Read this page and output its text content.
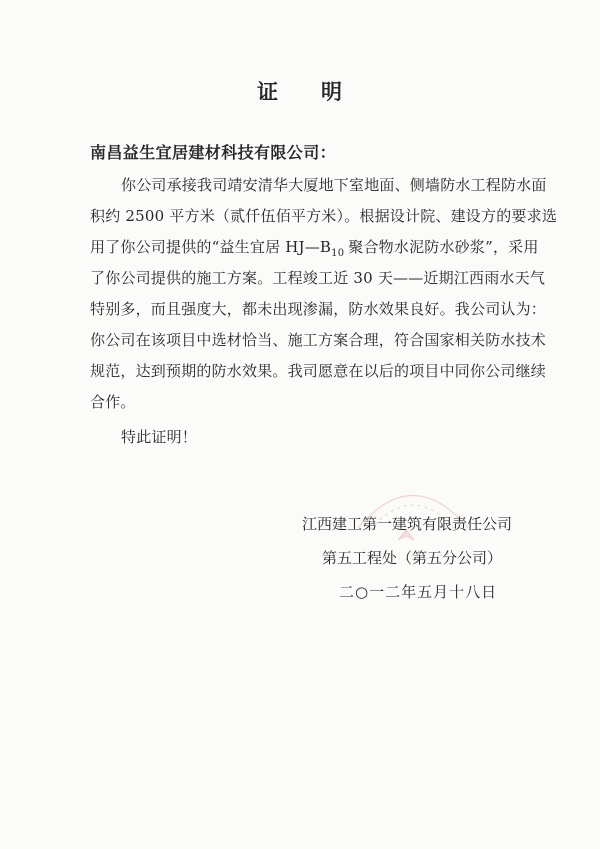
证 明
南昌益生宜居建材科技有限公司：
你公司承接我司靖安清华大厦地下室地面、侧墙防水工程防水面
积约 2500 平方米（贰仟伍佰平方米）。根据设计院、建设方的要求选
用了你公司提供的“益生宜居 $HJ—B_{10}$ 聚合物水泥防水砂浆”，采用
了你公司提供的施工方案。工程竣工近 30 天——近期江西雨水天气
特别多，而且强度大，都未出现渗漏，防水效果良好。我公司认为：
你公司在该项目中选材恰当、施工方案合理，符合国家相关防水技术
规范，达到预期的防水效果。我司愿意在以后的项目中同你公司继续
合作。
特此证明！
江西建工第一建筑有限责任公司
第五工程处（第五分公司）
二○一二年五月十八日
